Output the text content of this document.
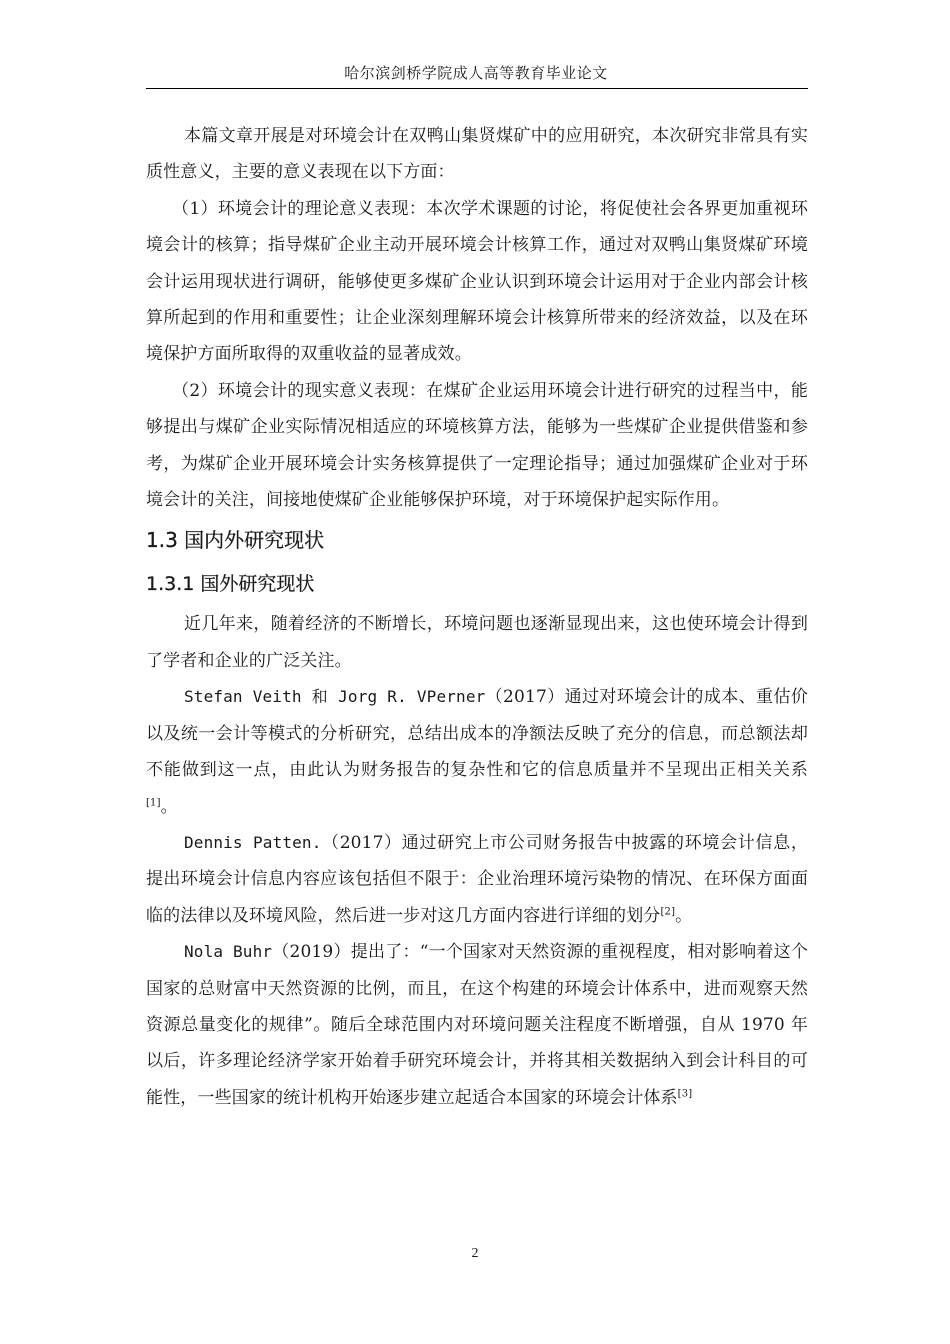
哈尔滨剑桥学院成人高等教育毕业论文

本篇文章开展是对环境会计在双鸭山集贤煤矿中的应用研究，本次研究非常具有实质性意义，主要的意义表现在以下方面：

（1）环境会计的理论意义表现：本次学术课题的讨论，将促使社会各界更加重视环境会计的核算；指导煤矿企业主动开展环境会计核算工作，通过对双鸭山集贤煤矿环境会计运用现状进行调研，能够使更多煤矿企业认识到环境会计运用对于企业内部会计核算所起到的作用和重要性；让企业深刻理解环境会计核算所带来的经济效益，以及在环境保护方面所取得的双重收益的显著成效。

（2）环境会计的现实意义表现：在煤矿企业运用环境会计进行研究的过程当中，能够提出与煤矿企业实际情况相适应的环境核算方法，能够为一些煤矿企业提供借鉴和参考，为煤矿企业开展环境会计实务核算提供了一定理论指导；通过加强煤矿企业对于环境会计的关注，间接地使煤矿企业能够保护环境，对于环境保护起实际作用。

1.3 国内外研究现状
1.3.1 国外研究现状

近几年来，随着经济的不断增长，环境问题也逐渐显现出来，这也使环境会计得到了学者和企业的广泛关注。

Stefan Veith 和 Jorg R. VPerner（2017）通过对环境会计的成本、重估价以及统一会计等模式的分析研究，总结出成本的净额法反映了充分的信息，而总额法却不能做到这一点，由此认为财务报告的复杂性和它的信息质量并不呈现出正相关关系[1]。

Dennis Patten.（2017）通过研究上市公司财务报告中披露的环境会计信息，提出环境会计信息内容应该包括但不限于：企业治理环境污染物的情况、在环保方面面临的法律以及环境风险，然后进一步对这几方面内容进行详细的划分[2]。

Nola Buhr（2019）提出了：“一个国家对天然资源的重视程度，相对影响着这个国家的总财富中天然资源的比例，而且，在这个构建的环境会计体系中，进而观察天然资源总量变化的规律”。随后全球范围内对环境问题关注程度不断增强，自从 1970 年以后，许多理论经济学家开始着手研究环境会计，并将其相关数据纳入到会计科目的可能性，一些国家的统计机构开始逐步建立起适合本国家的环境会计体系[3]

2
